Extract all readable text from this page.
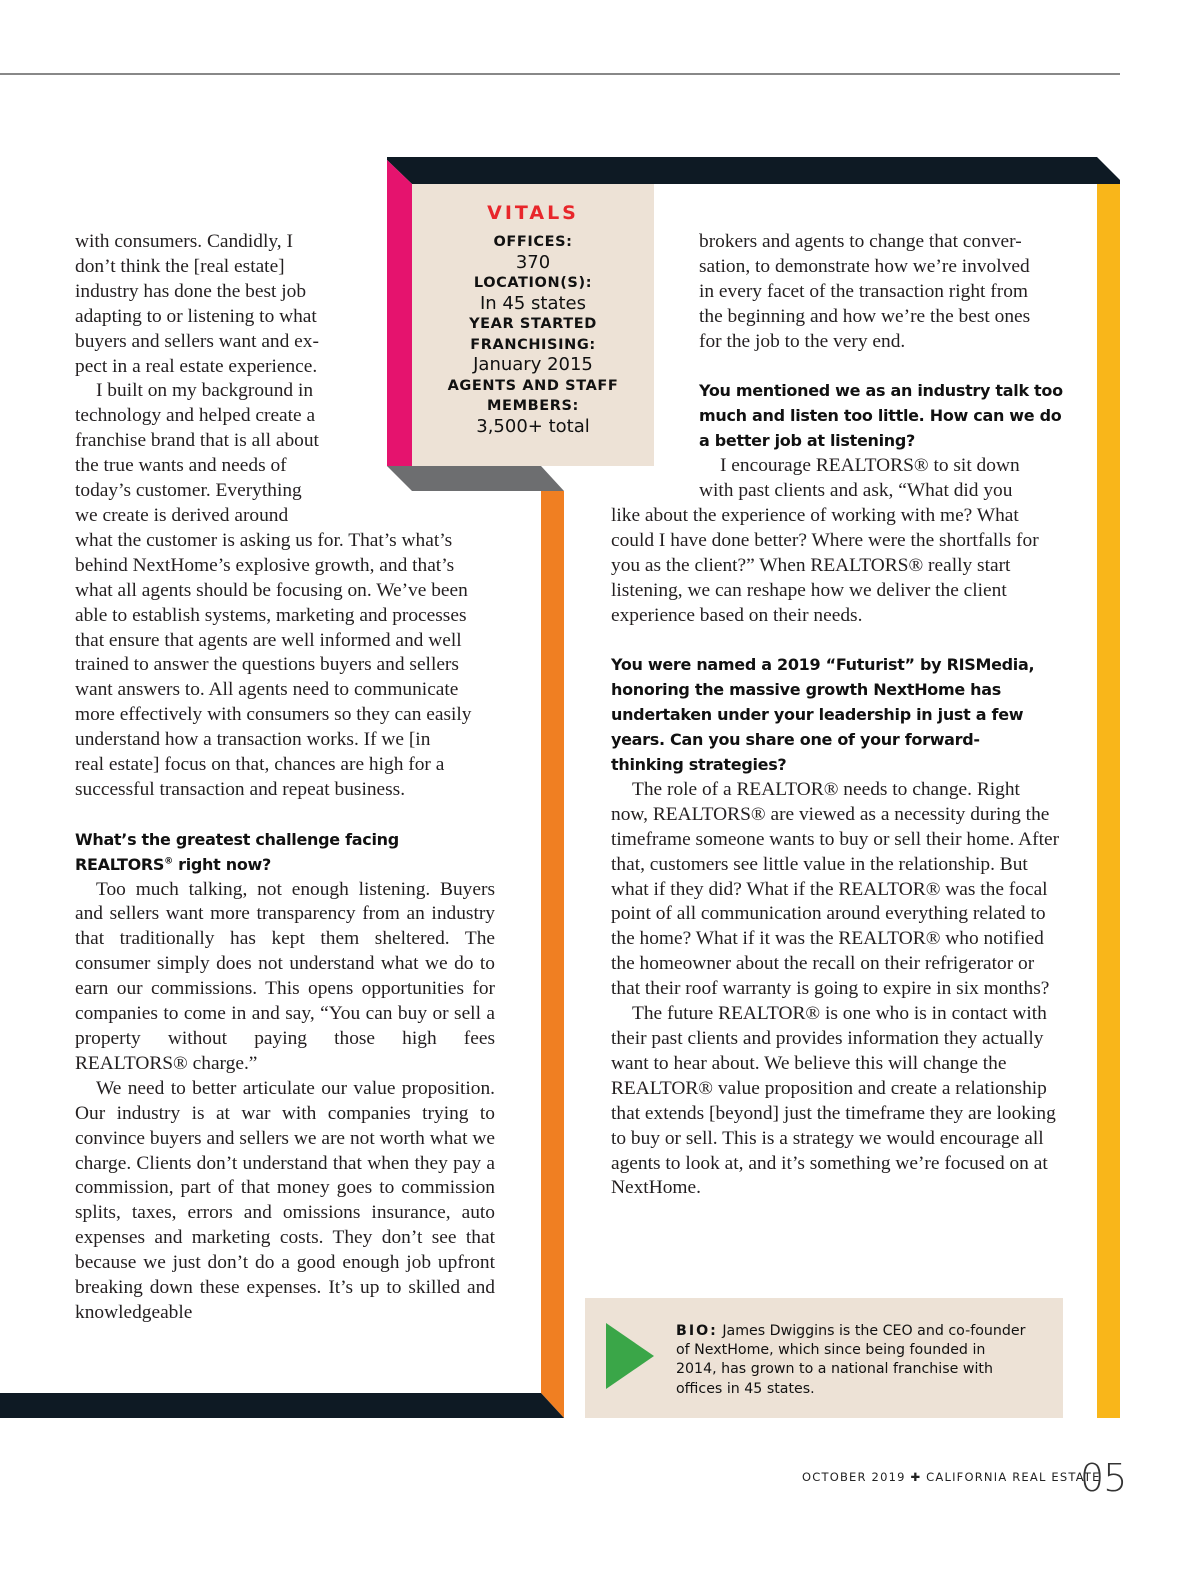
VITALS

OFFICES:

370

LOCATION(S):

In 45 states

YEAR STARTED

FRANCHISING:

January 2015

AGENTS AND STAFF

MEMBERS:

3,500+ total

with consumers. Candidly, I

don’t think the [real estate]

industry has done the best job

adapting to or listening to what

buyers and sellers want and ex-

pect in a real estate experience.

I built on my background in

technology and helped create a

franchise brand that is all about

the true wants and needs of

today’s customer. Everything

we create is derived around

what the customer is asking us for. That’s what’s

behind NextHome’s explosive growth, and that’s

what all agents should be focusing on. We’ve been

able to establish systems, marketing and processes

that ensure that agents are well informed and well

trained to answer the questions buyers and sellers

want answers to. All agents need to communicate

more effectively with consumers so they can easily

understand how a transaction works. If we [in

real estate] focus on that, chances are high for a

successful transaction and repeat business.

What’s the greatest challenge facing

REALTORS® right now?

Too much talking, not enough listening. Buyers and sellers want more transparency from an industry that traditionally has kept them sheltered. The consumer simply does not understand what we do to earn our commissions. This opens opportunities for companies to come in and say, “You can buy or sell a property without paying those high fees REALTORS® charge.”

We need to better articulate our value proposition. Our industry is at war with companies trying to convince buyers and sellers we are not worth what we charge. Clients don’t understand that when they pay a commission, part of that money goes to commission splits, taxes, errors and omissions insurance, auto expenses and marketing costs. They don’t see that because we just don’t do a good enough job upfront breaking down these expenses. It’s up to skilled and knowledgeable

brokers and agents to change that conver-

sation, to demonstrate how we’re involved

in every facet of the transaction right from

the beginning and how we’re the best ones

for the job to the very end.

You mentioned we as an industry talk too

much and listen too little. How can we do

a better job at listening?

I encourage REALTORS® to sit down

with past clients and ask, “What did you

like about the experience of working with me? What could I have done better? Where were the shortfalls for you as the client?” When REALTORS® really start listening, we can reshape how we deliver the client experience based on their needs.

You were named a 2019 “Futurist” by RISMedia, honoring the massive growth NextHome has undertaken under your leadership in just a few years. Can you share one of your forward-thinking strategies?

The role of a REALTOR® needs to change. Right now, REALTORS® are viewed as a necessity during the timeframe someone wants to buy or sell their home. After that, customers see little value in the relationship. But what if they did? What if the REALTOR® was the focal point of all communication around everything related to the home? What if it was the REALTOR® who notified the homeowner about the recall on their refrigerator or that their roof warranty is going to expire in six months?

The future REALTOR® is one who is in contact with their past clients and provides information they actually want to hear about. We believe this will change the REALTOR® value proposition and create a relationship that extends [beyond] just the timeframe they are looking to buy or sell. This is a strategy we would encourage all agents to look at, and it’s something we’re focused on at NextHome.

BIO: James Dwiggins is the CEO and co-founder of NextHome, which since being founded in 2014, has grown to a national franchise with offices in 45 states.
OCTOBER 2019 ✚ CALIFORNIA REAL ESTATE
05
